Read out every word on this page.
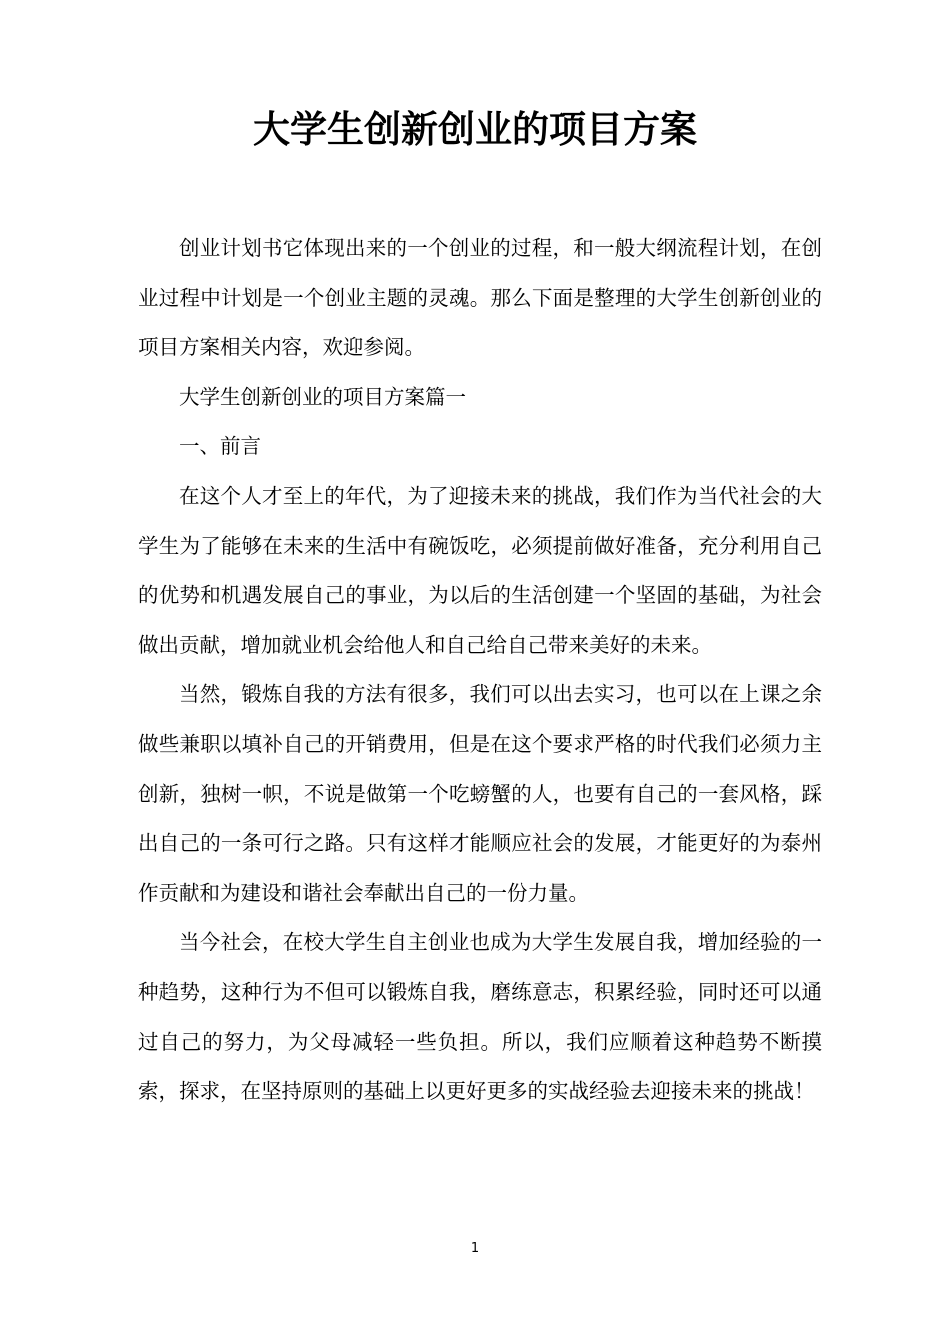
大学生创新创业的项目方案

创业计划书它体现出来的一个创业的过程，和一般大纲流程计划，在创业过程中计划是一个创业主题的灵魂。那么下面是整理的大学生创新创业的项目方案相关内容，欢迎参阅。

大学生创新创业的项目方案篇一

一、前言

在这个人才至上的年代，为了迎接未来的挑战，我们作为当代社会的大学生为了能够在未来的生活中有碗饭吃，必须提前做好准备，充分利用自己的优势和机遇发展自己的事业，为以后的生活创建一个坚固的基础，为社会做出贡献，增加就业机会给他人和自己给自己带来美好的未来。

当然，锻炼自我的方法有很多，我们可以出去实习，也可以在上课之余做些兼职以填补自己的开销费用，但是在这个要求严格的时代我们必须力主创新，独树一帜，不说是做第一个吃螃蟹的人，也要有自己的一套风格，踩出自己的一条可行之路。只有这样才能顺应社会的发展，才能更好的为泰州作贡献和为建设和谐社会奉献出自己的一份力量。

当今社会，在校大学生自主创业也成为大学生发展自我，增加经验的一种趋势，这种行为不但可以锻炼自我，磨练意志，积累经验，同时还可以通过自己的努力，为父母减轻一些负担。所以，我们应顺着这种趋势不断摸索，探求，在坚持原则的基础上以更好更多的实战经验去迎接未来的挑战！

1
